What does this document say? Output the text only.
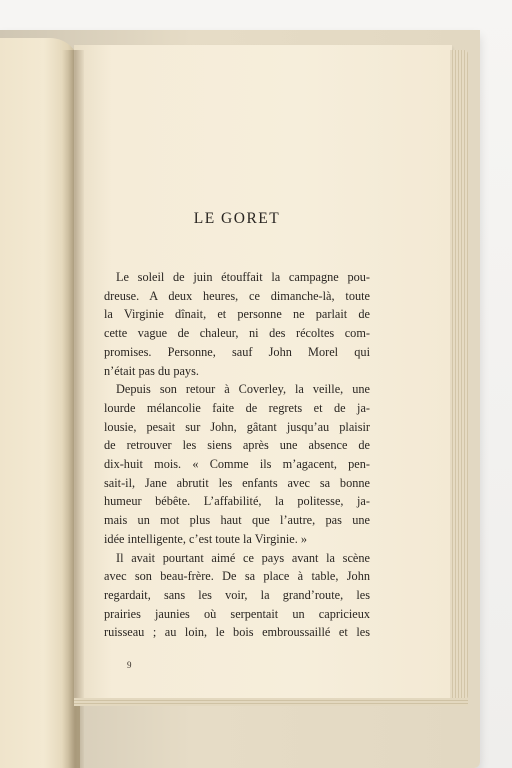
LE GORET

Le soleil de juin étouffait la campagne pou-
dreuse. A deux heures, ce dimanche-là, toute
la Virginie dînait, et personne ne parlait de
cette vague de chaleur, ni des récoltes com-
promises. Personne, sauf John Morel qui
n’était pas du pays.

Depuis son retour à Coverley, la veille, une
lourde mélancolie faite de regrets et de ja-
lousie, pesait sur John, gâtant jusqu’au plaisir
de retrouver les siens après une absence de
dix-huit mois. « Comme ils m’agacent, pen-
sait-il, Jane abrutit les enfants avec sa bonne
humeur bébête. L’affabilité, la politesse, ja-
mais un mot plus haut que l’autre, pas une
idée intelligente, c’est toute la Virginie. »

Il avait pourtant aimé ce pays avant la scène
avec son beau-frère. De sa place à table, John
regardait, sans les voir, la grand’route, les
prairies jaunies où serpentait un capricieux
ruisseau ; au loin, le bois embroussaillé et les

9
